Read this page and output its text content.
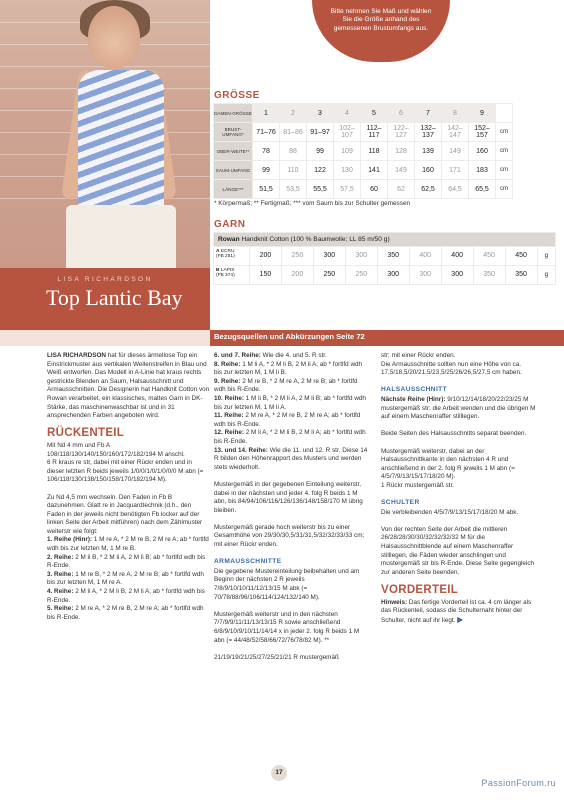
LISA RICHARDSON
Top Lantic Bay
Bezugsquellen und Abkürzungen Seite 72
Bitte nehmen Sie Maß und wählen Sie die Größe anhand des gemessenen Brustumfangs aus.
GRÖSSE
DAMEN-GRÖSSE	1	2	3	4	5	6	7	8	9	
BRUST-UMFANG*	71–76	81–86	91–97	102–107	112–117	122–127	132–137	142–147	152–157	cm
OBER-WEITE**	78	88	99	109	118	128	139	149	160	cm
SAUM-UMFANG	99	110	122	130	141	149	160	171	183	cm
LÄNGE***	51,5	53,5	55,5	57,5	60	62	62,5	64,5	65,5	cm
* Körpermaß; ** Fertigmaß; *** vom Saum bis zur Schulter gemessen
GARN
Rowan Handknit Cotton (100 % Baumwolle; LL 85 m/50 g)
A ECRU
(FB 251)	200	250	300	300	350	400	400	450	450	g
B LAPIS
(FB 374)	150	200	250	250	300	300	300	350	350	g

LISA RICHARDSON hat für dieses ärmellose Top ein Einstrickmuster aus vertikalen Wellenstreifen in Blau und Weiß entworfen. Das Modell in A-Linie hat kraus rechts gestrickte Blenden an Saum, Halsausschnitt und Armausschnitten. Die Designerin hat Handknit Cotton von Rowan verarbeitet, ein klassisches, mattes Garn in DK-Stärke, das maschinenwaschbar ist und in 31 ansprechenden Farben angeboten wird.

RÜCKENTEIL

Mit Nd 4 mm und Fb A 108/118/130/140/150/160/172/182/194 M anschl.

6 R kraus re str, dabei mit einer Rückr enden und in dieser letzten R beids jeweils 1/0/0/1/0/1/0/0/0 M abn (= 106/118/130/138/150/158/170/182/194 M).

Zu Nd 4,5 mm wechseln. Den Faden in Fb B dazunehmen. Glatt re in Jacquardtechnik (d.h., den Faden in der jeweils nicht benötigten Fb locker auf der linken Seite der Arbeit mitführen) nach dem Zählmuster weiterstr wie folgt:

1. Reihe (Hinr): 1 M re A, * 2 M re B, 2 M re A; ab * fortlfd wdh bis zur letzten M, 1 M re B.
2. Reihe: 2 M li B, * 2 M li A, 2 M li B; ab * fortlfd wdh bis R-Ende.
3. Reihe: 1 M re B, * 2 M re A, 2 M re B; ab * fortlfd wdh bis zur letzten M, 1 M re A.
4. Reihe: 2 M li A, * 2 M li B, 2 M li A; ab * fortlfd wdh bis R-Ende.
5. Reihe: 2 M re A, * 2 M re B, 2 M re A; ab * fortlfd wdh bis R-Ende.
6. und 7. Reihe: Wie die 4. und 5. R str.
8. Reihe: 1 M li A, * 2 M li B, 2 M li A; ab * fortlfd wdh bis zur letzten M, 1 M li B.
9. Reihe: 2 M re B, * 2 M re A, 2 M re B; ab * fortlfd wdh bis R-Ende.
10. Reihe: 1 M li B, * 2 M li A, 2 M li B; ab * fortlfd wdh bis zur letzten M, 1 M li A.
11. Reihe: 2 M re A, * 2 M re B, 2 M re A; ab * fortlfd wdh bis R-Ende.
12. Reihe: 2 M li A, * 2 M li B, 2 M li A; ab * fortlfd wdh bis R-Ende.

13. und 14. Reihe: Wie die 11. und 12. R str. Diese 14 R bilden den Höhenrapport des Musters und werden stets wiederholt.

Mustergemäß in der gegebenen Einteilung weiterstr, dabei in der nächsten und jeder 4. folg R beids 1 M abn, bis 84/94/106/116/126/136/148/158/170 M übrig bleiben.

Mustergemäß gerade hoch weiterstr bis zu einer Gesamthöhe von 29/30/30,5/31/31,5/32/32/33/33 cm; mit einer Rückr enden.

ARMAUSSCHNITTE

Die gegebene Mustereinteilung beibehalten und am Beginn der nächsten 2 R jeweils 7/8/9/10/10/11/12/13/15 M abk (= 70/78/88/96/106/114/124/132/140 M).

Mustergemäß weiterstr und in den nächsten 7/7/9/9/11/11/13/13/15 R sowie anschließend 6/8/9/10/9/10/11/14/14 x in jeder 2. folg R beids 1 M abn (= 44/48/52/58/66/72/76/78/82 M). **

21/19/19/21/25/27/25/21/21 R mustergemäß

str; mit einer Rückr enden.

Die Armausschnitte sollten nun eine Höhe von ca. 17,5/18,5/20/21,5/23,5/25/26/26,5/27,5 cm haben.

HALSAUSSCHNITT

Nächste Reihe (Hinr): 9/10/12/14/18/20/22/23/25 M mustergemäß str; die Arbeit wenden und die übrigen M auf einem Maschenraffer stilllegen.

Beide Seiten des Halsausschnitts separat beenden.

Mustergemäß weiterstr, dabei an der Halsausschnittkante in den nächsten 4 R und anschließend in der 2. folg R jeweils 1 M abn (= 4/5/7/9/13/15/17/18/20 M).

1 Rückr mustergemäß str.

SCHULTER

Die verbleibenden 4/5/7/9/13/15/17/18/20 M abk.

Von der rechten Seite der Arbeit die mittleren 26/28/28/30/30/32/32/32/32 M für die Halsausschnittblende auf einem Maschenraffer stilllegen, die Fäden wieder anschlingen und mustergemäß str bis R-Ende. Diese Seite gegengleich zur anderen Seite beenden.

VORDERTEIL

Hinweis: Das fertige Vorderteil ist ca. 4 cm länger als das Rückenteil, sodass die Schulternaht hinter der Schulter, nicht auf ihr liegt. ▶

17
PassionForum.ru
